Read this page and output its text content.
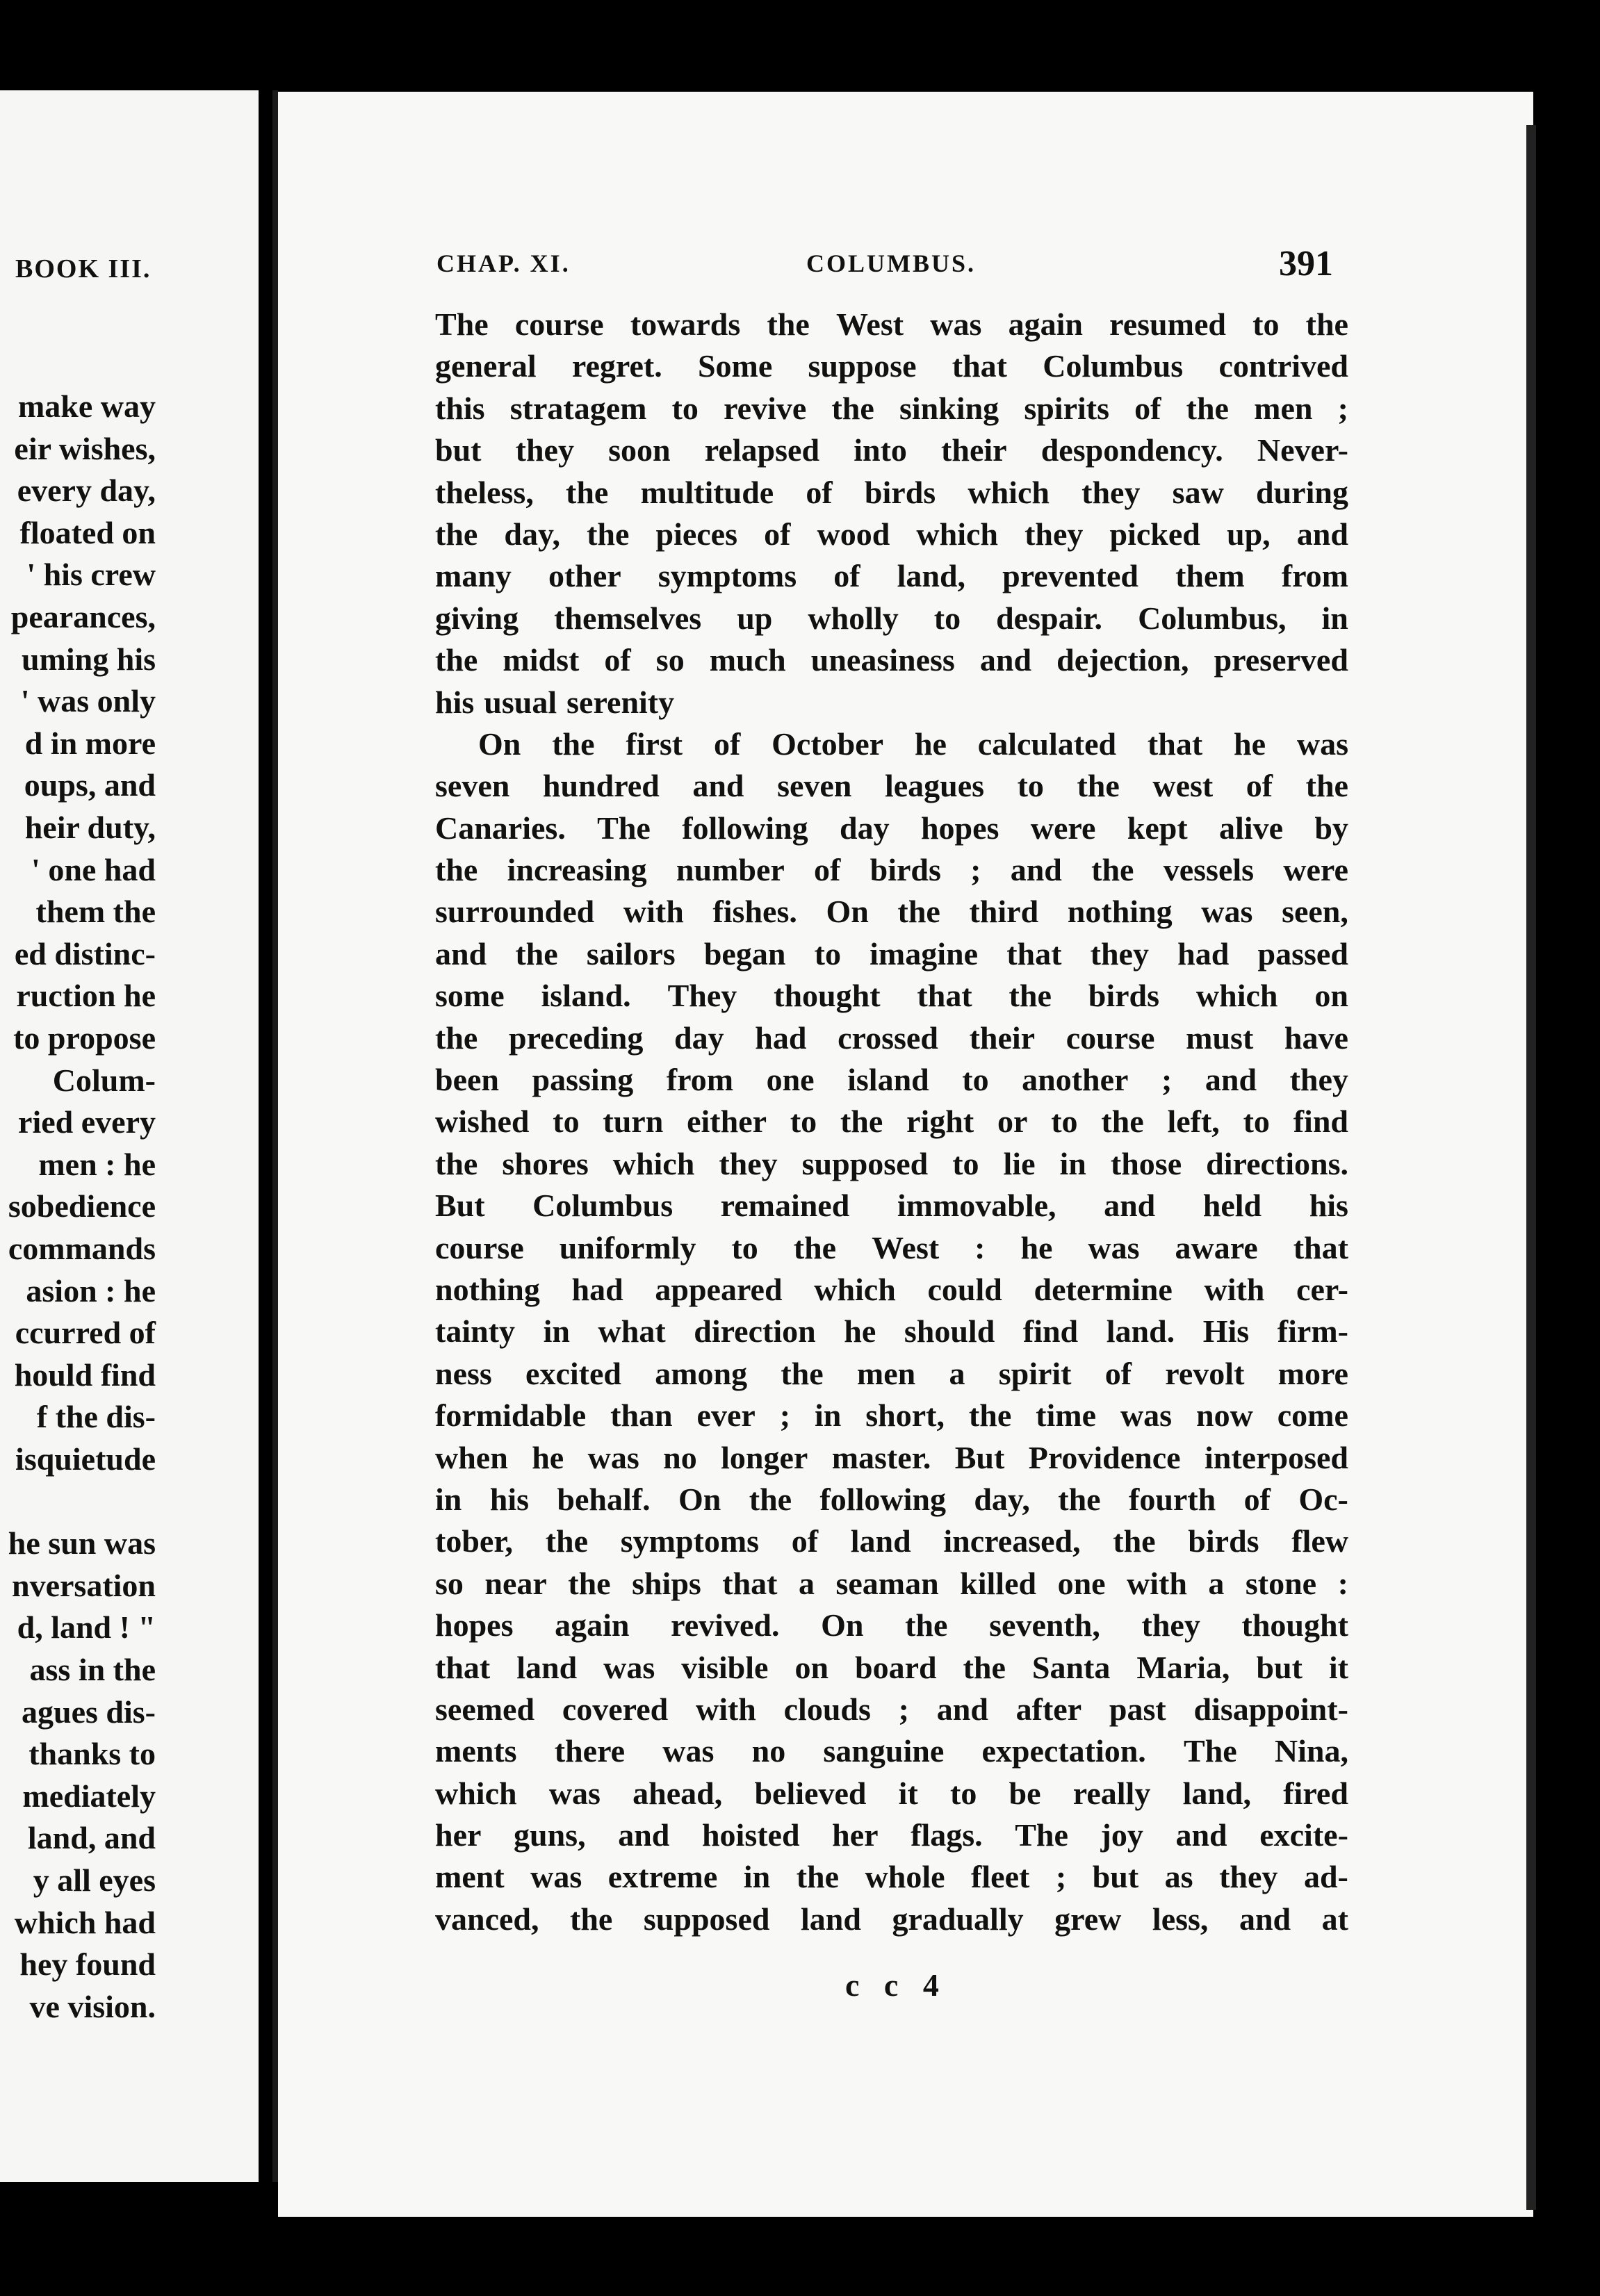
BOOK III.
make way
eir wishes,
every day,
floated on
' his crew
pearances,
uming his
' was only
d in more
oups, and
heir duty,
' one had
them the
ed distinc-
ruction he
to propose
Colum-
ried every
men : he
sobedience
commands
asion : he
ccurred of
hould find
f the dis-
isquietude
he sun was
nversation
d, land ! "
ass in the
agues dis-
thanks to
mediately
land, and
y all eyes
which had
hey found
ve vision.
CHAP. XI.	COLUMBUS.	391
The course towards the West was again resumed to the
general regret. Some suppose that Columbus contrived
this stratagem to revive the sinking spirits of the men ;
but they soon relapsed into their despondency. Never-
theless, the multitude of birds which they saw during
the day, the pieces of wood which they picked up, and
many other symptoms of land, prevented them from
giving themselves up wholly to despair. Columbus, in
the midst of so much uneasiness and dejection, preserved
his usual serenity
On the first of October he calculated that he was
seven hundred and seven leagues to the west of the
Canaries. The following day hopes were kept alive by
the increasing number of birds ; and the vessels were
surrounded with fishes. On the third nothing was seen,
and the sailors began to imagine that they had passed
some island. They thought that the birds which on
the preceding day had crossed their course must have
been passing from one island to another ; and they
wished to turn either to the right or to the left, to find
the shores which they supposed to lie in those directions.
But Columbus remained immovable, and held his
course uniformly to the West : he was aware that
nothing had appeared which could determine with cer-
tainty in what direction he should find land. His firm-
ness excited among the men a spirit of revolt more
formidable than ever ; in short, the time was now come
when he was no longer master. But Providence interposed
in his behalf. On the following day, the fourth of Oc-
tober, the symptoms of land increased, the birds flew
so near the ships that a seaman killed one with a stone :
hopes again revived. On the seventh, they thought
that land was visible on board the Santa Maria, but it
seemed covered with clouds ; and after past disappoint-
ments there was no sanguine expectation. The Nina,
which was ahead, believed it to be really land, fired
her guns, and hoisted her flags. The joy and excite-
ment was extreme in the whole fleet ; but as they ad-
vanced, the supposed land gradually grew less, and at
c c 4
